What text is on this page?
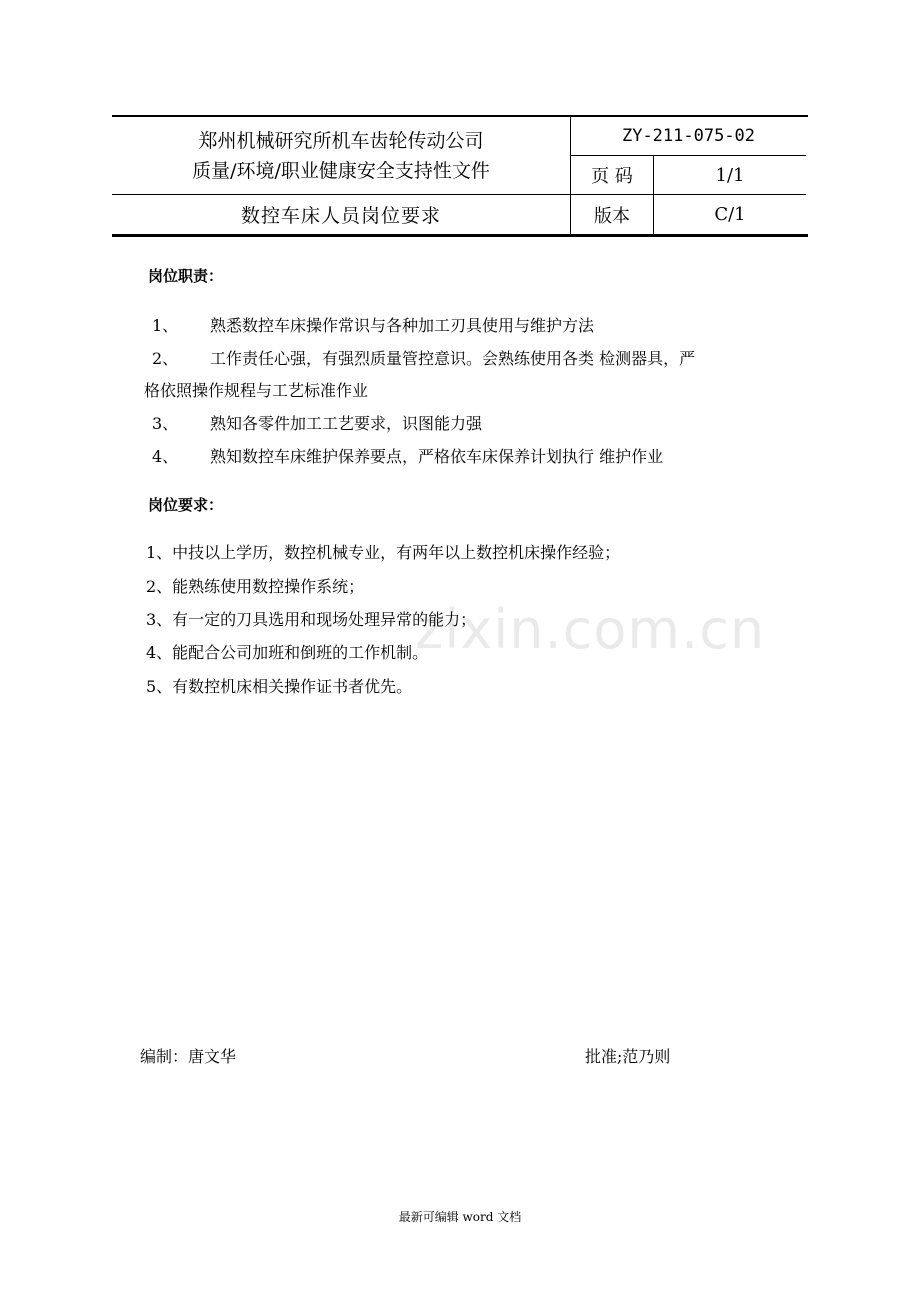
郑州机械研究所机车齿轮传动公司
质量/环境/职业健康安全支持性文件
ZY-211-075-02
页 码	1/1
数控车床人员岗位要求	版本	C/1
岗位职责：
1、 熟悉数控车床操作常识与各种加工刃具使用与维护方法
2、 工作责任心强，有强烈质量管控意识。会熟练使用各类 检测器具，严
格依照操作规程与工艺标准作业
3、 熟知各零件加工工艺要求，识图能力强
4、 熟知数控车床维护保养要点，严格依车床保养计划执行 维护作业
岗位要求：
1、中技以上学历，数控机械专业，有两年以上数控机床操作经验；
2、能熟练使用数控操作系统；
3、有一定的刀具选用和现场处理异常的能力；
4、能配合公司加班和倒班的工作机制。
5、有数控机床相关操作证书者优先。
zixin.com.cn
编制：唐文华	批准;范乃则
最新可编辑 word 文档
